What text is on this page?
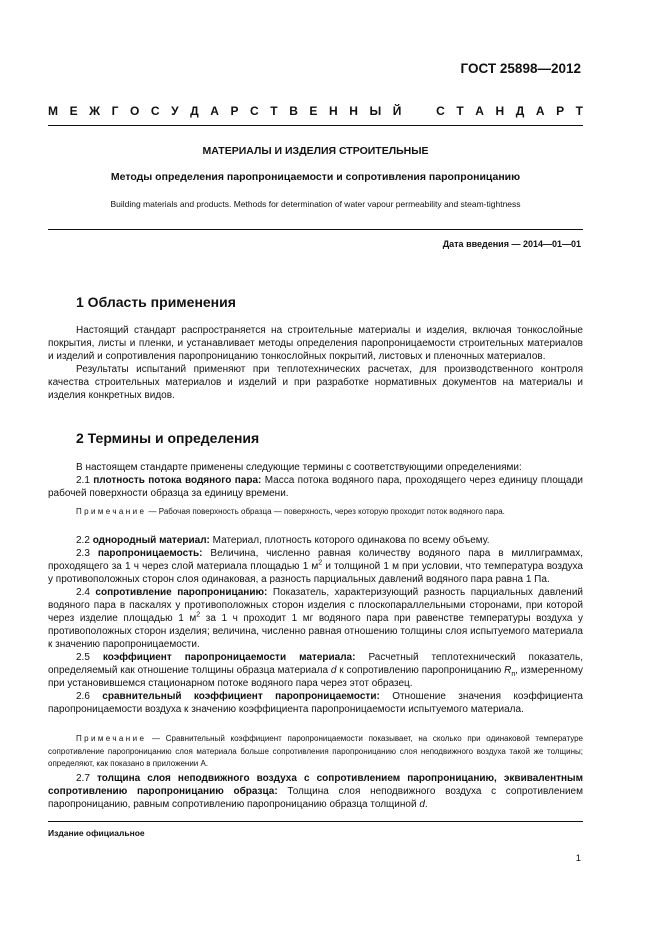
ГОСТ 25898—2012
М Е Ж Г О С У Д А Р С Т В Е Н Н Ы Й	С Т А Н Д А Р Т
МАТЕРИАЛЫ И ИЗДЕЛИЯ СТРОИТЕЛЬНЫЕ
Методы определения паропроницаемости и сопротивления паропроницанию
Building materials and products. Methods for determination of water vapour permeability and steam-tightness
Дата введения — 2014—01—01
1 Область применения

Настоящий стандарт распространяется на строительные материалы и изделия, включая тонкослойные покрытия, листы и пленки, и устанавливает методы определения паропроницаемости строительных материалов и изделий и сопротивления паропроницанию тонкослойных покрытий, листовых и пленочных материалов.

Результаты испытаний применяют при теплотехнических расчетах, для производственного контроля качества строительных материалов и изделий и при разработке нормативных документов на материалы и изделия конкретных видов.

2 Термины и определения

В настоящем стандарте применены следующие термины с соответствующими определениями:

2.1 плотность потока водяного пара: Масса потока водяного пара, проходящего через единицу площади рабочей поверхности образца за единицу времени.

Примечание — Рабочая поверхность образца — поверхность, через которую проходит поток водяного пара.

2.2 однородный материал: Материал, плотность которого одинакова по всему объему.

2.3 паропроницаемость: Величина, численно равная количеству водяного пара в миллиграммах, проходящего за 1 ч через слой материала площадью 1 $м^2$ и толщиной 1 м при условии, что температура воздуха у противоположных сторон слоя одинаковая, а разность парциальных давлений водяного пара равна 1 Па.

2.4 сопротивление паропроницанию: Показатель, характеризующий разность парциальных давлений водяного пара в паскалях у противоположных сторон изделия с плоскопараллельными сторонами, при которой через изделие площадью 1 $м^2$ за 1 ч проходит 1 мг водяного пара при равенстве температуры воздуха у противоположных сторон изделия; величина, численно равная отношению толщины слоя испытуемого материала к значению паропроницаемости.

2.5 коэффициент паропроницаемости материала: Расчетный теплотехнический показатель, определяемый как отношение толщины образца материала d к сопротивлению паропроницанию $R_п$, измеренному при установившемся стационарном потоке водяного пара через этот образец.

2.6 сравнительный коэффициент паропроницаемости: Отношение значения коэффициента паропроницаемости воздуха к значению коэффициента паропроницаемости испытуемого материала.

Примечание — Сравнительный коэффициент паропроницаемости показывает, на сколько при одинаковой температуре сопротивление паропроницанию слоя материала больше сопротивления паропроницанию слоя неподвижного воздуха такой же толщины; определяют, как показано в приложении А.

2.7 толщина слоя неподвижного воздуха с сопротивлением паропроницанию, эквивалентным сопротивлению паропроницанию образца: Толщина слоя неподвижного воздуха с сопротивлением паропроницанию, равным сопротивлению паропроницанию образца толщиной d.

Издание официальное
1
